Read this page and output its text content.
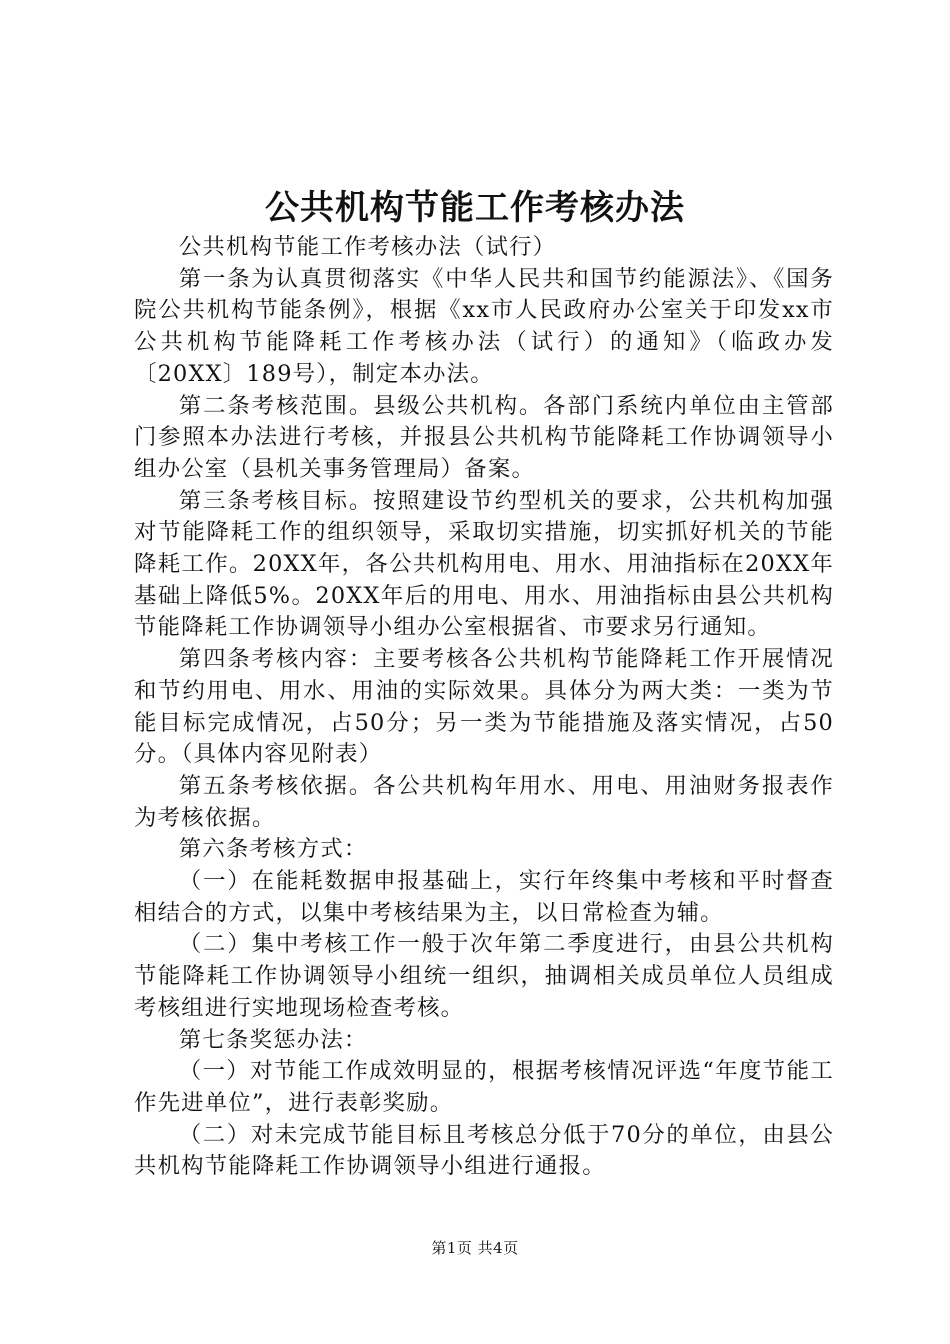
公共机构节能工作考核办法

公共机构节能工作考核办法（试行）

第一条为认真贯彻落实《中华人民共和国节约能源法》、《国务院公共机构节能条例》，根据《xx市人民政府办公室关于印发xx市公共机构节能降耗工作考核办法（试行）的通知》（临政办发〔20XX〕189号），制定本办法。

第二条考核范围。县级公共机构。各部门系统内单位由主管部门参照本办法进行考核，并报县公共机构节能降耗工作协调领导小组办公室（县机关事务管理局）备案。

第三条考核目标。按照建设节约型机关的要求，公共机构加强对节能降耗工作的组织领导，采取切实措施，切实抓好机关的节能降耗工作。20XX年，各公共机构用电、用水、用油指标在20XX年基础上降低5%。20XX年后的用电、用水、用油指标由县公共机构节能降耗工作协调领导小组办公室根据省、市要求另行通知。

第四条考核内容：主要考核各公共机构节能降耗工作开展情况和节约用电、用水、用油的实际效果。具体分为两大类：一类为节能目标完成情况，占50分；另一类为节能措施及落实情况，占50分。（具体内容见附表）

第五条考核依据。各公共机构年用水、用电、用油财务报表作为考核依据。

第六条考核方式：

（一）在能耗数据申报基础上，实行年终集中考核和平时督查相结合的方式，以集中考核结果为主，以日常检查为辅。

（二）集中考核工作一般于次年第二季度进行，由县公共机构节能降耗工作协调领导小组统一组织，抽调相关成员单位人员组成考核组进行实地现场检查考核。

第七条奖惩办法：

（一）对节能工作成效明显的，根据考核情况评选“年度节能工作先进单位”，进行表彰奖励。

（二）对未完成节能目标且考核总分低于70分的单位，由县公共机构节能降耗工作协调领导小组进行通报。

第1页 共4页
